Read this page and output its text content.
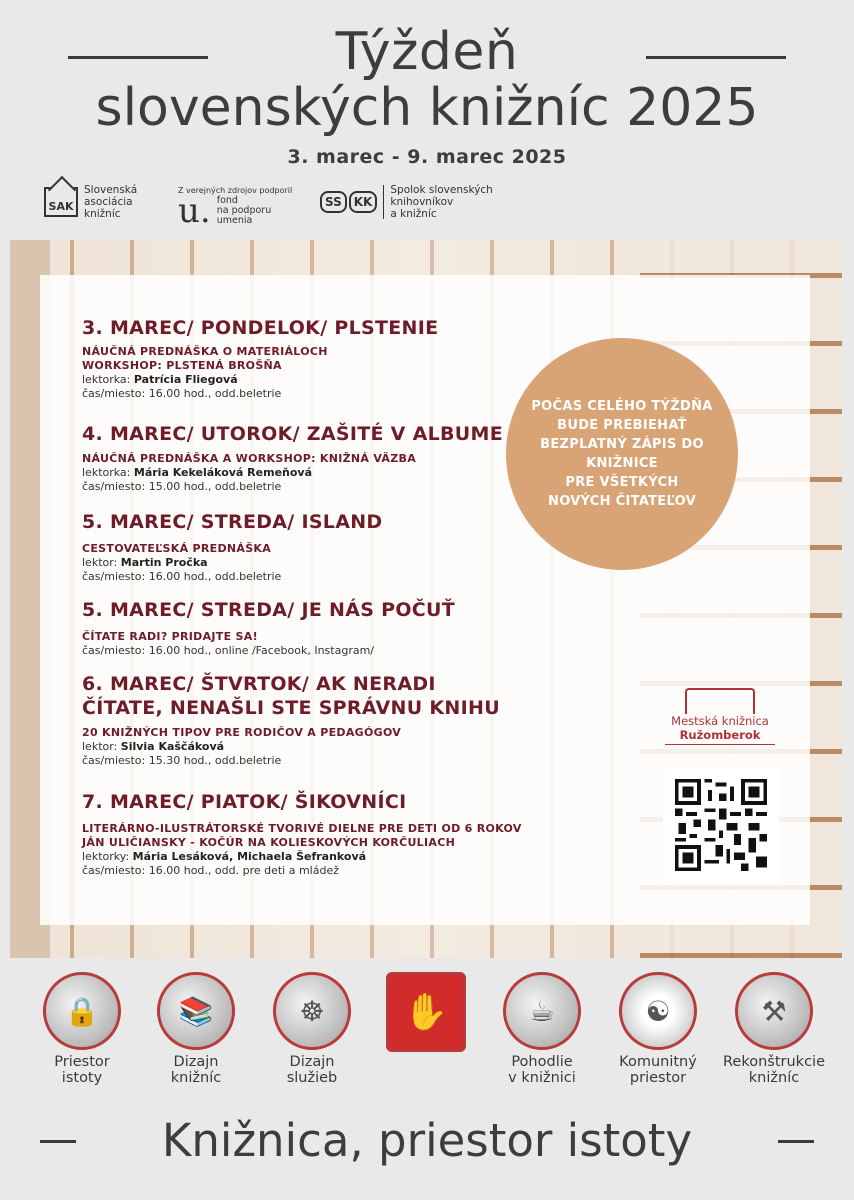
Týždeň
slovenských knižníc 2025
3. marec - 9. marec 2025
SAK
Slovenská
asociácia
knižníc
Z verejných zdrojov podporil
u. fond
na podporu
umenia
SS	KK
Spolok slovenských
knihovníkov
a knižníc
3. MAREC/ PONDELOK/ PLSTENIE
NÁUČNÁ PREDNÁŠKA O MATERIÁLOCH
WORKSHOP: PLSTENÁ BROŠŇA
lektorka: Patrícia Fliegová
čas/miesto: 16.00 hod., odd.beletrie
4. MAREC/ UTOROK/ ZAŠITÉ V ALBUME
NÁUČNÁ PREDNÁŠKA A WORKSHOP: KNIŽNÁ VÄZBA
lektorka: Mária Kekeláková Remeňová
čas/miesto: 15.00 hod., odd.beletrie
5. MAREC/ STREDA/ ISLAND
CESTOVATEĽSKÁ PREDNÁŠKA
lektor: Martin Pročka
čas/miesto: 16.00 hod., odd.beletrie
5. MAREC/ STREDA/ JE NÁS POČUŤ
ČÍTATE RADI? PRIDAJTE SA!
čas/miesto: 16.00 hod., online /Facebook, Instagram/
6. MAREC/ ŠTVRTOK/ AK NERADI ČÍTATE, NENAŠLI STE SPRÁVNU KNIHU
20 KNIŽNÝCH TIPOV PRE RODIČOV A PEDAGÓGOV
lektor: Silvia Kaščáková
čas/miesto: 15.30 hod., odd.beletrie
7. MAREC/ PIATOK/ ŠIKOVNÍCI
LITERÁRNO-ILUSTRÁTORSKÉ TVORIVÉ DIELNE PRE DETI OD 6 ROKOV
JÁN ULIČIANSKY - KOČÚR NA KOLIESKOVÝCH KORČULIACH
lektorky: Mária Lesáková, Michaela Šefranková
čas/miesto: 16.00 hod., odd. pre deti a mládež
POČAS CELÉHO TÝŽDŇA
BUDE PREBIEHAŤ
BEZPLATNÝ ZÁPIS DO KNIŽNICE
PRE VŠETKÝCH
NOVÝCH ČITATEĽOV
Mestská knižnica
Ružomberok
🔒
Priestor
istoty
📚
Dizajn
knižníc
☸
Dizajn
služieb
✋	☕
Pohodlie
v knižnici
☯
Komunitný
priestor
⚒
Rekonštrukcie
knižníc
Knižnica, priestor istoty
